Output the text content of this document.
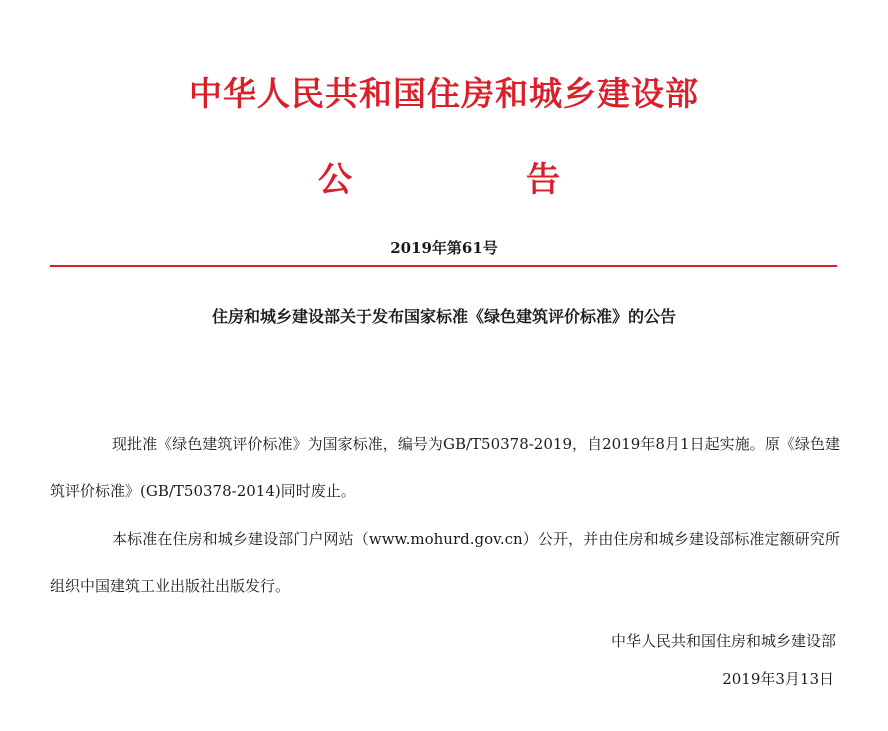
中华人民共和国住房和城乡建设部
公	告
2019年第61号
住房和城乡建设部关于发布国家标准《绿色建筑评价标准》的公告

现批准《绿色建筑评价标准》为国家标准，编号为GB/T50378-2019，自2019年8月1日起实施。原《绿色建筑评价标准》(GB/T50378-2014)同时废止。

本标准在住房和城乡建设部门户网站（www.mohurd.gov.cn）公开，并由住房和城乡建设部标准定额研究所组织中国建筑工业出版社出版发行。

中华人民共和国住房和城乡建设部
2019年3月13日
